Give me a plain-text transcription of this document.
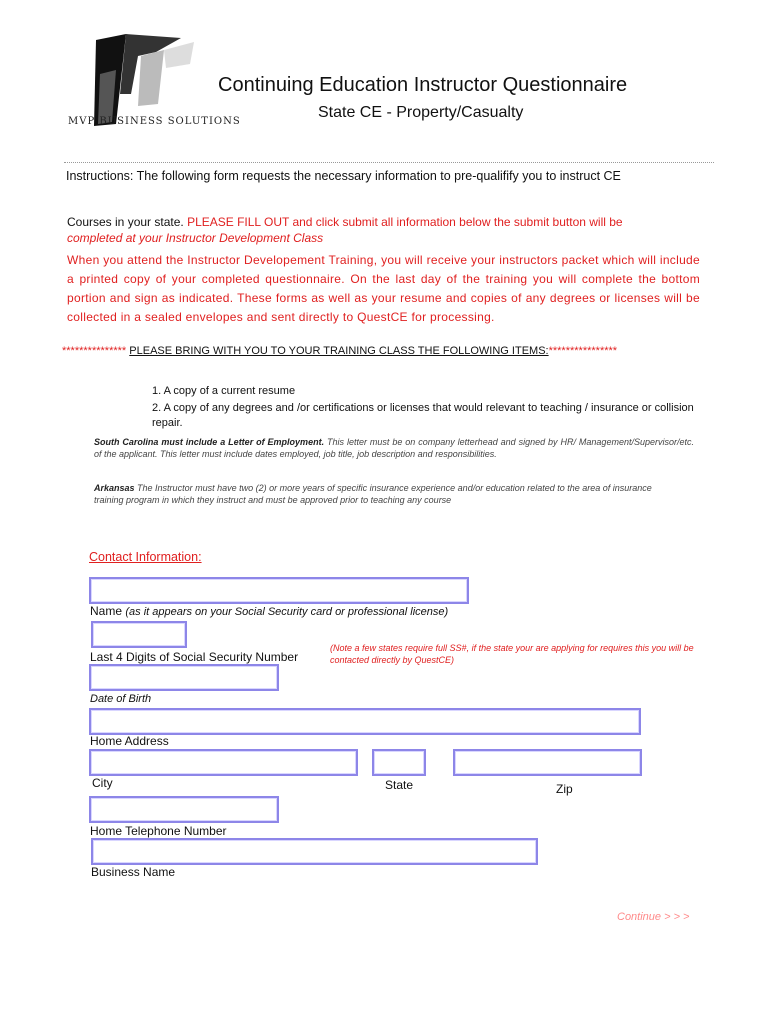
MVP BUSINESS SOLUTIONS
Continuing Education Instructor Questionnaire
State CE - Property/Casualty
Instructions: The following form requests the necessary information to pre-qualifify you to instruct CE
Courses in your state. PLEASE FILL OUT and click submit all information below the submit button will be
completed at your Instructor Development Class
When you attend the Instructor Developement Training, you will receive your instructors packet which will include a printed copy of your completed questionnaire. On the last day of the training you will complete the bottom portion and sign as indicated. These forms as well as your resume and copies of any degrees or licenses will be collected in a sealed envelopes and sent directly to QuestCE for processing.
*************** PLEASE BRING WITH YOU TO YOUR TRAINING CLASS THE FOLLOWING ITEMS:****************
1. A copy of a current resume
2. A copy of any degrees and /or certifications or licenses that would relevant to teaching / insurance or collision repair.
South Carolina must include a Letter of Employment. This letter must be on company letterhead and signed by HR/ Management/Supervisor/etc. of the applicant. This letter must include dates employed, job title, job description and responsibilities.
Arkansas The Instructor must have two (2) or more years of specific insurance experience and/or education related to the area of insurance training program in which they instruct and must be approved prior to teaching any course
Contact Information:
Name (as it appears on your Social Security card or professional license)
Last 4 Digits of Social Security Number
(Note a few states require full SS#, if the state your are applying for requires this you will be contacted directly by QuestCE)
Date of Birth
Home Address
City	State	Zip
Home Telephone Number
Business Name
Continue > > >
